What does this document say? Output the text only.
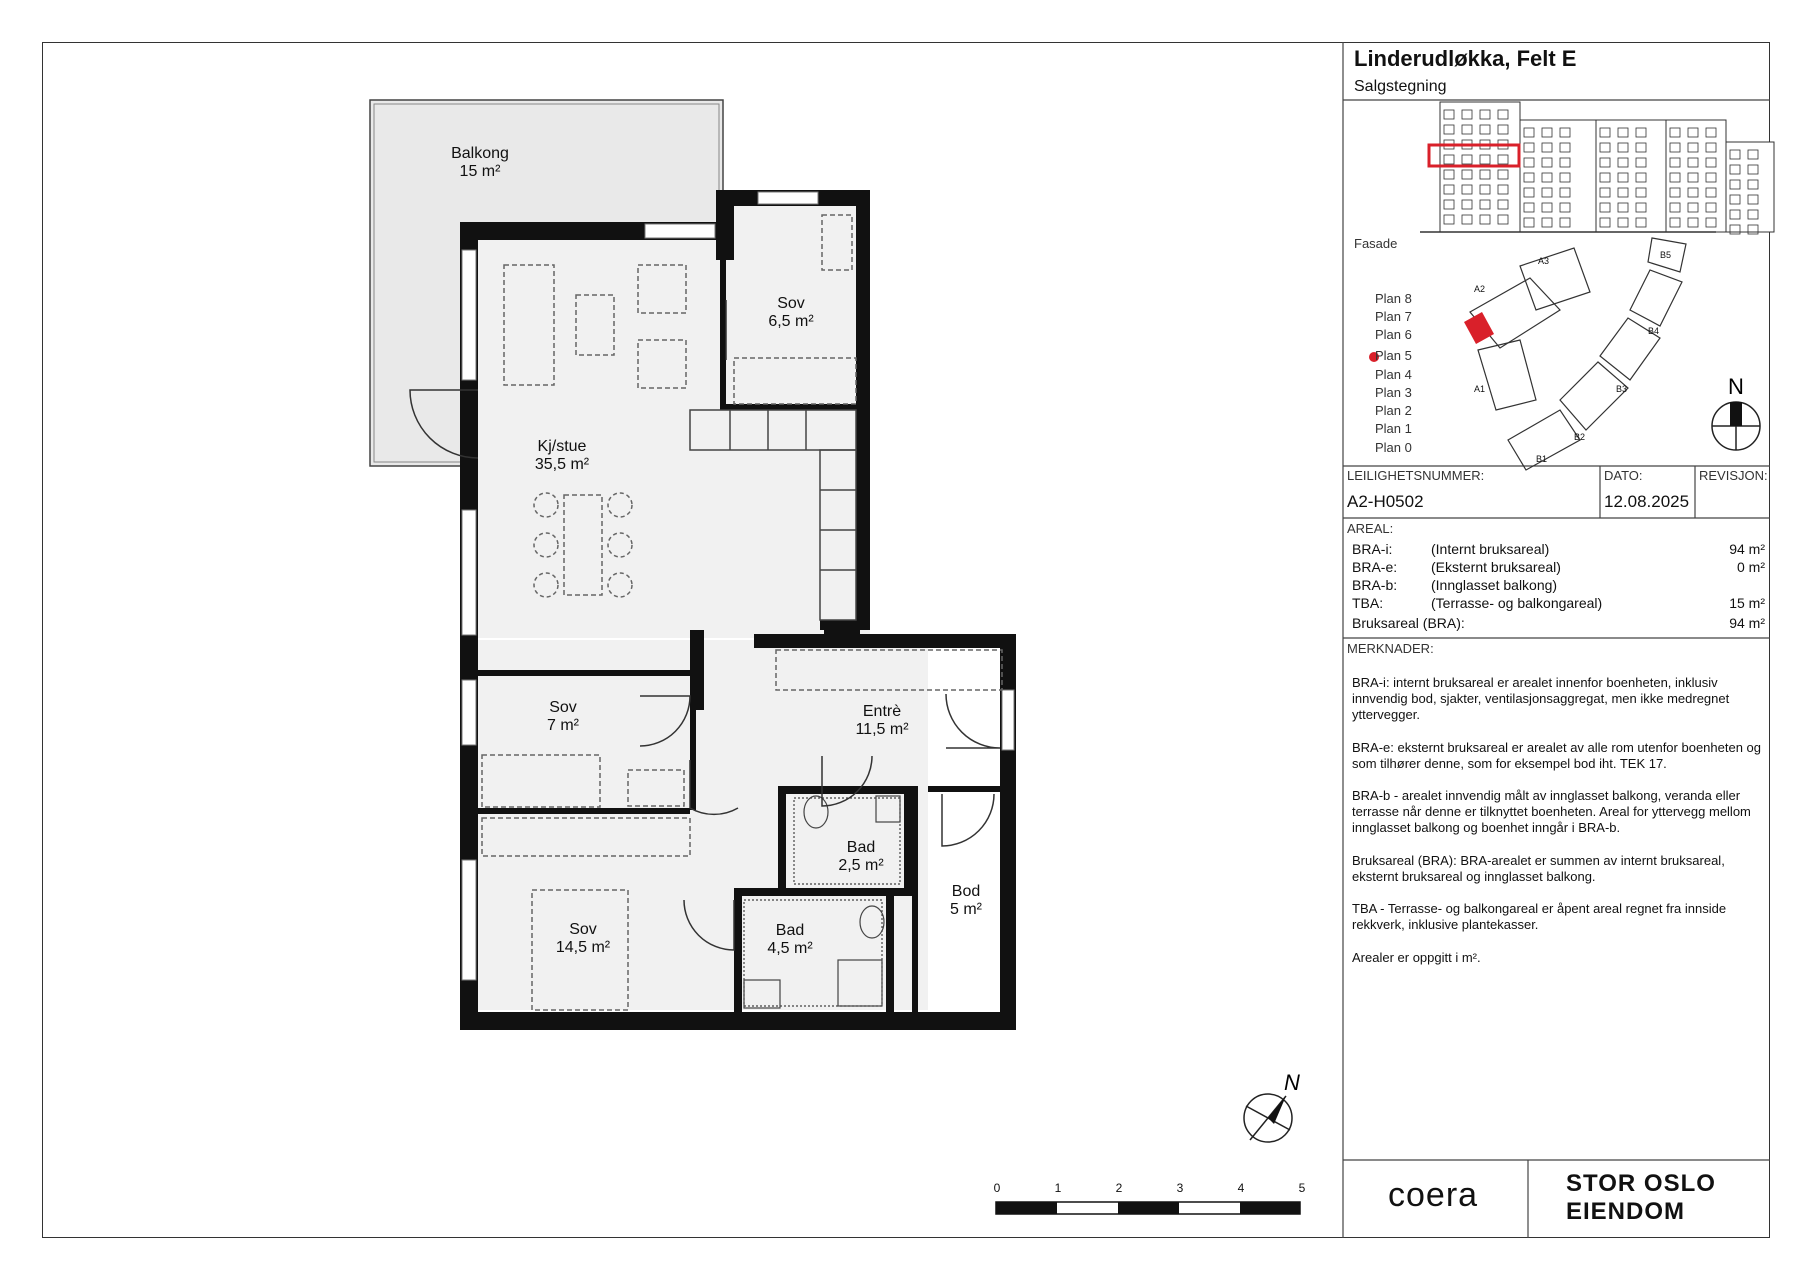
Balkong
15 m²
Sov
6,5 m²
Kj/stue
35,5 m²
Sov
7 m²
Entrè
11,5 m²
Bad
2,5 m²
Bod
5 m²
Sov
14,5 m²
Bad
4,5 m²
N
0	1	2	3	4	5
A1
A2
A3
B1
B2
B3
B4
B5
N
Linderudløkka, Felt E
Salgstegning
Fasade
Plan 8
Plan 7
Plan 6
Plan 5
Plan 4
Plan 3
Plan 2
Plan 1
Plan 0
LEILIGHETSNUMMER:
A2-H0502
DATO:
12.08.2025
REVISJON:
AREAL:
BRA-i:	(Internt bruksareal)	94 m²
BRA-e: (Eksternt bruksareal)	0 m²
BRA-b: (Innglasset balkong)
TBA:	(Terrasse- og balkongareal)	15 m²
Bruksareal (BRA):	94 m²
MERKNADER:
BRA-i: internt bruksareal er arealet innenfor boenheten, inklusiv innvendig bod, sjakter, ventilasjonsaggregat, men ikke medregnet yttervegger.
BRA-e: eksternt bruksareal er arealet av alle rom utenfor boenheten og som tilhører denne, som for eksempel bod iht. TEK 17.
BRA-b - arealet innvendig målt av innglasset balkong, veranda eller terrasse når denne er tilknyttet boenheten. Areal for yttervegg mellom innglasset balkong og boenhet inngår i BRA-b.
Bruksareal (BRA): BRA-arealet er summen av internt bruksareal, eksternt bruksareal og innglasset balkong.
TBA - Terrasse- og balkongareal er åpent areal regnet fra innside rekkverk, inklusive plantekasser.
Arealer er oppgitt i m².
coera	STOR OSLO
EIENDOM
